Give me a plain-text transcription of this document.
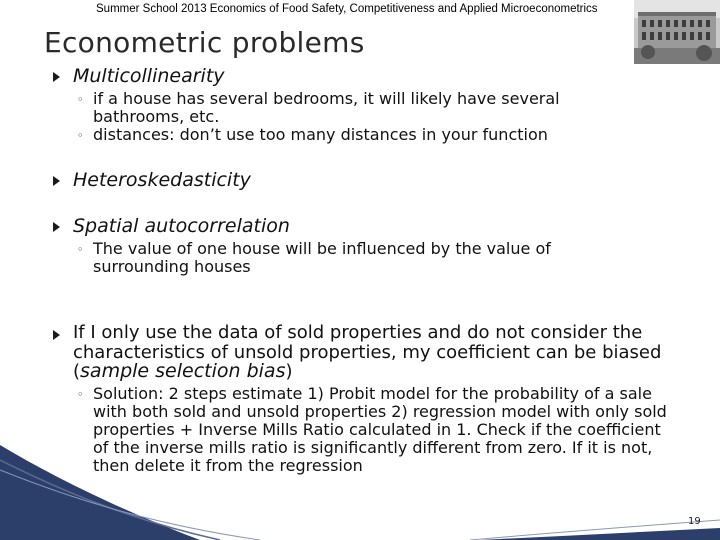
Summer School 2013 Economics of Food Safety, Competitiveness and Applied Microeconometrics
Econometric problems
Multicollinearity
◦ if a house has several bedrooms, it will likely have several bathrooms, etc.
◦ distances: don’t use too many distances in your function
Heteroskedasticity
Spatial autocorrelation
◦ The value of one house will be influenced by the value of surrounding houses
If I only use the data of sold properties and do not consider the characteristics of unsold properties, my coefficient can be biased (sample selection bias)
◦ Solution: 2 steps estimate 1) Probit model for the probability of a sale with both sold and unsold properties 2) regression model with only sold properties + Inverse Mills Ratio calculated in 1. Check if the coefficient of the inverse mills ratio is significantly different from zero. If it is not, then delete it from the regression
19
